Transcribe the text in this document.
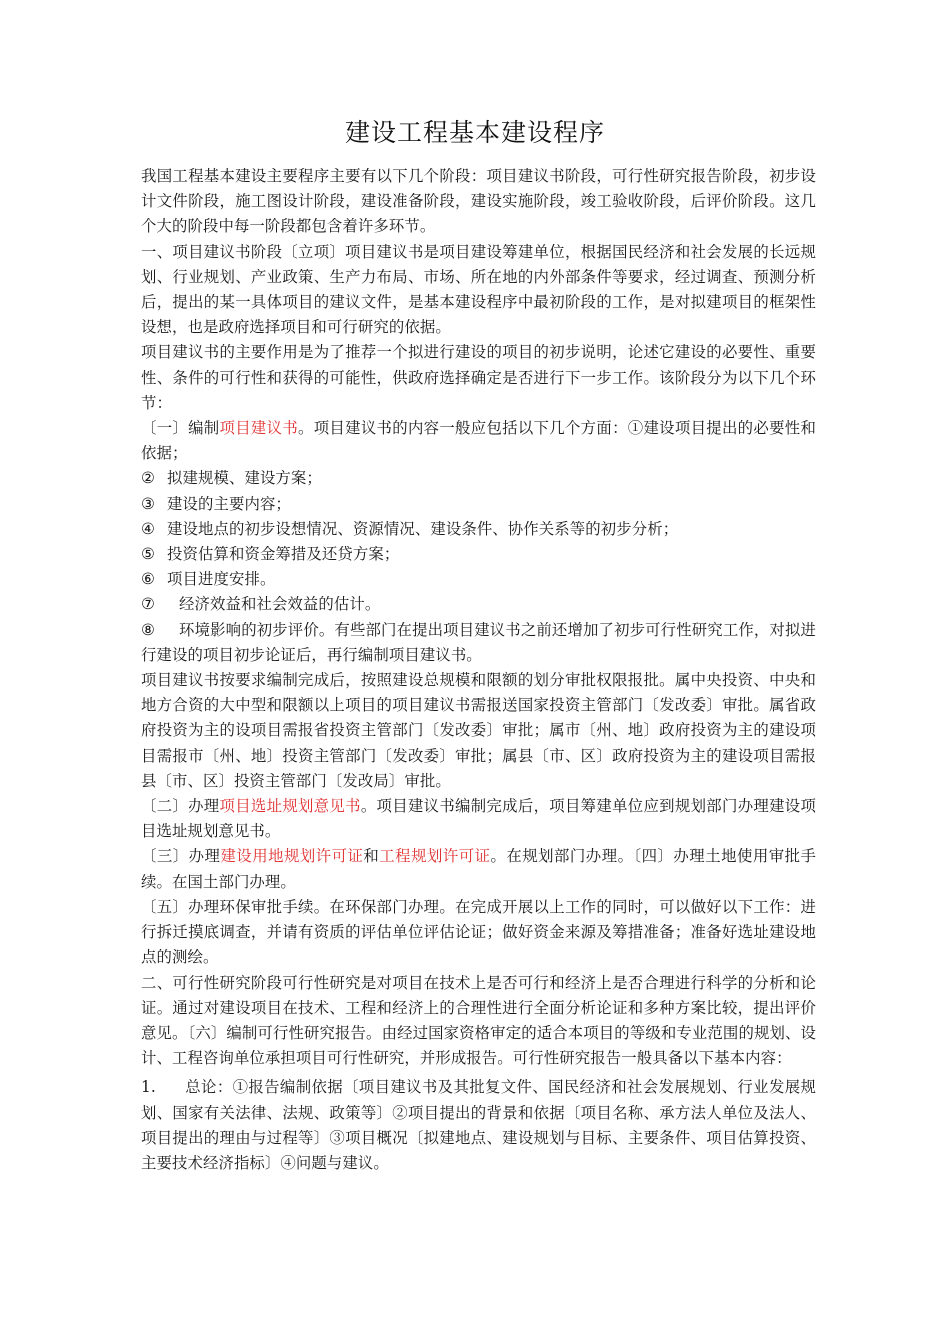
建设工程基本建设程序

我国工程基本建设主要程序主要有以下几个阶段：项目建议书阶段，可行性研究报告阶段，初步设计文件阶段，施工图设计阶段，建设准备阶段，建设实施阶段，竣工验收阶段，后评价阶段。这几个大的阶段中每一阶段都包含着许多环节。

一、项目建议书阶段〔立项〕项目建议书是项目建设筹建单位，根据国民经济和社会发展的长远规划、行业规划、产业政策、生产力布局、市场、所在地的内外部条件等要求，经过调查、预测分析后，提出的某一具体项目的建议文件，是基本建设程序中最初阶段的工作，是对拟建项目的框架性设想，也是政府选择项目和可行研究的依据。

项目建议书的主要作用是为了推荐一个拟进行建设的项目的初步说明，论述它建设的必要性、重要性、条件的可行性和获得的可能性，供政府选择确定是否进行下一步工作。该阶段分为以下几个环节：

〔一〕编制项目建议书。项目建议书的内容一般应包括以下几个方面：①建设项目提出的必要性和依据；

② 拟建规模、建设方案；
③ 建设的主要内容；
④ 建设地点的初步设想情况、资源情况、建设条件、协作关系等的初步分析；
⑤ 投资估算和资金筹措及还贷方案；
⑥ 项目进度安排。
⑦ 经济效益和社会效益的估计。

⑧ 环境影响的初步评价。有些部门在提出项目建议书之前还增加了初步可行性研究工作，对拟进行建设的项目初步论证后，再行编制项目建议书。

项目建议书按要求编制完成后，按照建设总规模和限额的划分审批权限报批。属中央投资、中央和地方合资的大中型和限额以上项目的项目建议书需报送国家投资主管部门〔发改委〕审批。属省政府投资为主的设项目需报省投资主管部门〔发改委〕审批；属市〔州、地〕政府投资为主的建设项目需报市〔州、地〕投资主管部门〔发改委〕审批；属县〔市、区〕政府投资为主的建设项目需报县〔市、区〕投资主管部门〔发改局〕审批。

〔二〕办理项目选址规划意见书。项目建议书编制完成后，项目筹建单位应到规划部门办理建设项目选址规划意见书。

〔三〕办理建设用地规划许可证和工程规划许可证。在规划部门办理。〔四〕办理土地使用审批手续。在国土部门办理。

〔五〕办理环保审批手续。在环保部门办理。在完成开展以上工作的同时，可以做好以下工作：进行拆迁摸底调查，并请有资质的评估单位评估论证；做好资金来源及筹措准备；准备好选址建设地点的测绘。

二、可行性研究阶段可行性研究是对项目在技术上是否可行和经济上是否合理进行科学的分析和论证。通过对建设项目在技术、工程和经济上的合理性进行全面分析论证和多种方案比较，提出评价意见。〔六〕编制可行性研究报告。由经过国家资格审定的适合本项目的等级和专业范围的规划、设计、工程咨询单位承担项目可行性研究，并形成报告。可行性研究报告一般具备以下基本内容：

1. 总论：①报告编制依据〔项目建议书及其批复文件、国民经济和社会发展规划、行业发展规划、国家有关法律、法规、政策等〕②项目提出的背景和依据〔项目名称、承方法人单位及法人、项目提出的理由与过程等〕③项目概况〔拟建地点、建设规划与目标、主要条件、项目估算投资、主要技术经济指标〕④问题与建议。
